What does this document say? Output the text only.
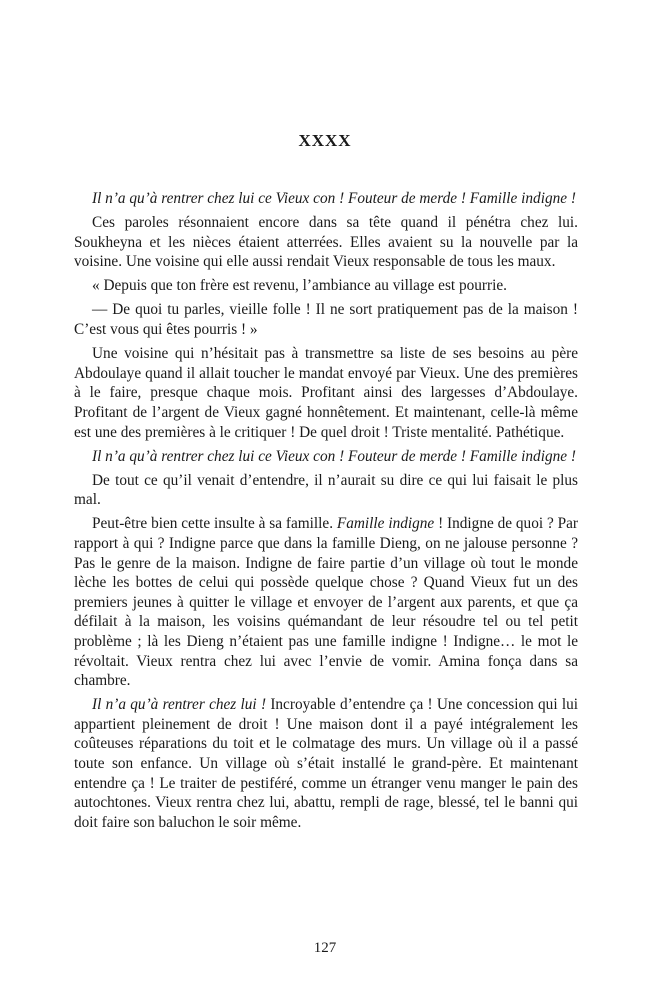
XXXX

Il n’a qu’à rentrer chez lui ce Vieux con ! Fouteur de merde ! Famille indigne !

Ces paroles résonnaient encore dans sa tête quand il pénétra chez lui. Soukheyna et les nièces étaient atterrées. Elles avaient su la nouvelle par la voisine. Une voisine qui elle aussi rendait Vieux responsable de tous les maux.

« Depuis que ton frère est revenu, l’ambiance au village est pourrie.

— De quoi tu parles, vieille folle ! Il ne sort pratiquement pas de la maison ! C’est vous qui êtes pourris ! »

Une voisine qui n’hésitait pas à transmettre sa liste de ses besoins au père Abdoulaye quand il allait toucher le mandat envoyé par Vieux. Une des premières à le faire, presque chaque mois. Profitant ainsi des largesses d’Abdoulaye. Profitant de l’argent de Vieux gagné honnêtement. Et maintenant, celle-là même est une des premières à le critiquer ! De quel droit ! Triste mentalité. Pathétique.

Il n’a qu’à rentrer chez lui ce Vieux con ! Fouteur de merde ! Famille indigne !

De tout ce qu’il venait d’entendre, il n’aurait su dire ce qui lui faisait le plus mal.

Peut-être bien cette insulte à sa famille. Famille indigne ! Indigne de quoi ? Par rapport à qui ? Indigne parce que dans la famille Dieng, on ne jalouse personne ? Pas le genre de la maison. Indigne de faire partie d’un village où tout le monde lèche les bottes de celui qui possède quelque chose ? Quand Vieux fut un des premiers jeunes à quitter le village et envoyer de l’argent aux parents, et que ça défilait à la maison, les voisins quémandant de leur résoudre tel ou tel petit problème ; là les Dieng n’étaient pas une famille indigne ! Indigne… le mot le révoltait. Vieux rentra chez lui avec l’envie de vomir. Amina fonça dans sa chambre.

Il n’a qu’à rentrer chez lui ! Incroyable d’entendre ça ! Une concession qui lui appartient pleinement de droit ! Une maison dont il a payé intégralement les coûteuses réparations du toit et le colmatage des murs. Un village où il a passé toute son enfance. Un village où s’était installé le grand-père. Et maintenant entendre ça ! Le traiter de pestiféré, comme un étranger venu manger le pain des autochtones. Vieux rentra chez lui, abattu, rempli de rage, blessé, tel le banni qui doit faire son baluchon le soir même.

127
